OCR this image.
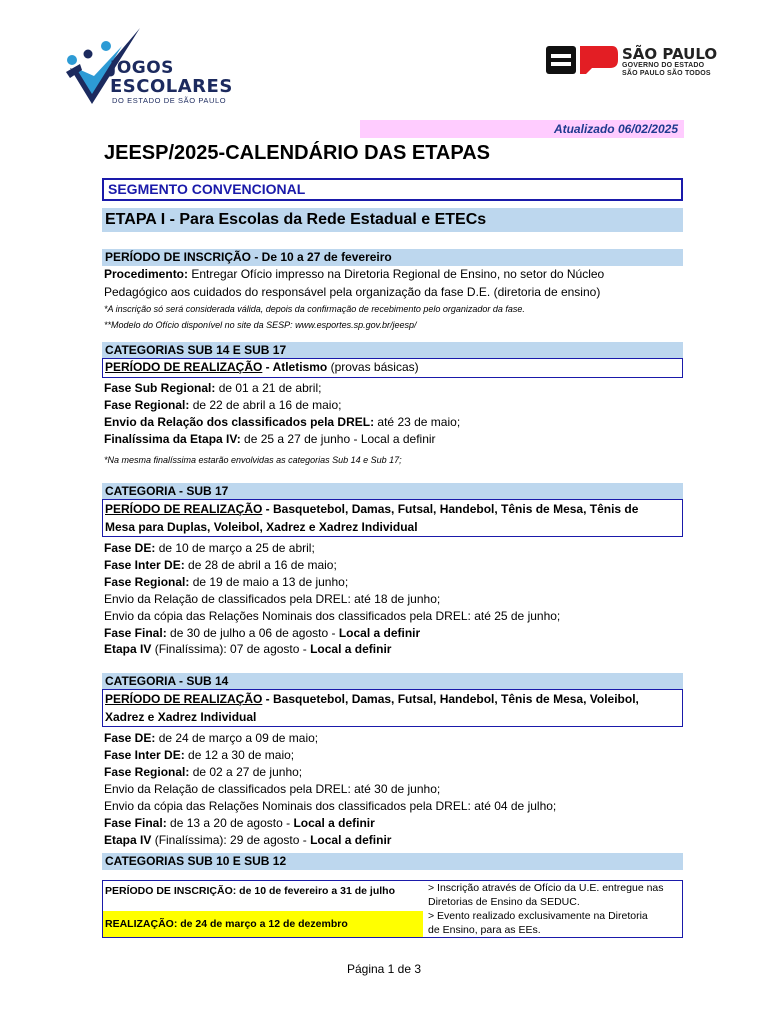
JOGOS
ESCOLARES
DO ESTADO DE SÃO PAULO
SÃO PAULO
GOVERNO DO ESTADO
SÃO PAULO SÃO TODOS
Atualizado 06/02/2025
JEESP/2025-CALENDÁRIO DAS ETAPAS
SEGMENTO CONVENCIONAL
ETAPA I - Para Escolas da Rede Estadual e ETECs
PERÍODO DE INSCRIÇÃO - De 10 a 27 de fevereiro
Procedimento: Entregar Ofício impresso na Diretoria Regional de Ensino, no setor do Núcleo
Pedagógico aos cuidados do responsável pela organização da fase D.E. (diretoria de ensino)
*A inscrição só será considerada válida, depois da confirmação de recebimento pelo organizador da fase.
**Modelo do Ofício disponível no site da SESP: www.esportes.sp.gov.br/jeesp/
CATEGORIAS SUB 14 E SUB 17
PERÍODO DE REALIZAÇÃO - Atletismo (provas básicas)
Fase Sub Regional: de 01 a 21 de abril;
Fase Regional: de 22 de abril a 16 de maio;
Envio da Relação dos classificados pela DREL: até 23 de maio;
Finalíssima da Etapa IV: de 25 a 27 de junho - Local a definir
*Na mesma finalíssima estarão envolvidas as categorias Sub 14 e Sub 17;
CATEGORIA - SUB 17
PERÍODO DE REALIZAÇÃO - Basquetebol, Damas, Futsal, Handebol, Tênis de Mesa, Tênis de
Mesa para Duplas, Voleibol, Xadrez e Xadrez Individual
Fase DE: de 10 de março a 25 de abril;
Fase Inter DE: de 28 de abril a 16 de maio;
Fase Regional: de 19 de maio a 13 de junho;
Envio da Relação de classificados pela DREL: até 18 de junho;
Envio da cópia das Relações Nominais dos classificados pela DREL: até 25 de junho;
Fase Final: de 30 de julho a 06 de agosto - Local a definir
Etapa IV (Finalíssima): 07 de agosto - Local a definir
CATEGORIA - SUB 14
PERÍODO DE REALIZAÇÃO - Basquetebol, Damas, Futsal, Handebol, Tênis de Mesa, Voleibol,
Xadrez e Xadrez Individual
Fase DE: de 24 de março a 09 de maio;
Fase Inter DE: de 12 a 30 de maio;
Fase Regional: de 02 a 27 de junho;
Envio da Relação de classificados pela DREL: até 30 de junho;
Envio da cópia das Relações Nominais dos classificados pela DREL: até 04 de julho;
Fase Final: de 13 a 20 de agosto - Local a definir
Etapa IV (Finalíssima): 29 de agosto - Local a definir
CATEGORIAS SUB 10 E SUB 12
PERÍODO DE INSCRIÇÃO: de 10 de fevereiro a 31 de julho
REALIZAÇÃO: de 24 de março a 12 de dezembro
> Inscrição através de Ofício da U.E. entregue nas
Diretorias de Ensino da SEDUC.
> Evento realizado exclusivamente na Diretoria
de Ensino, para as EEs.
Página 1 de 3
